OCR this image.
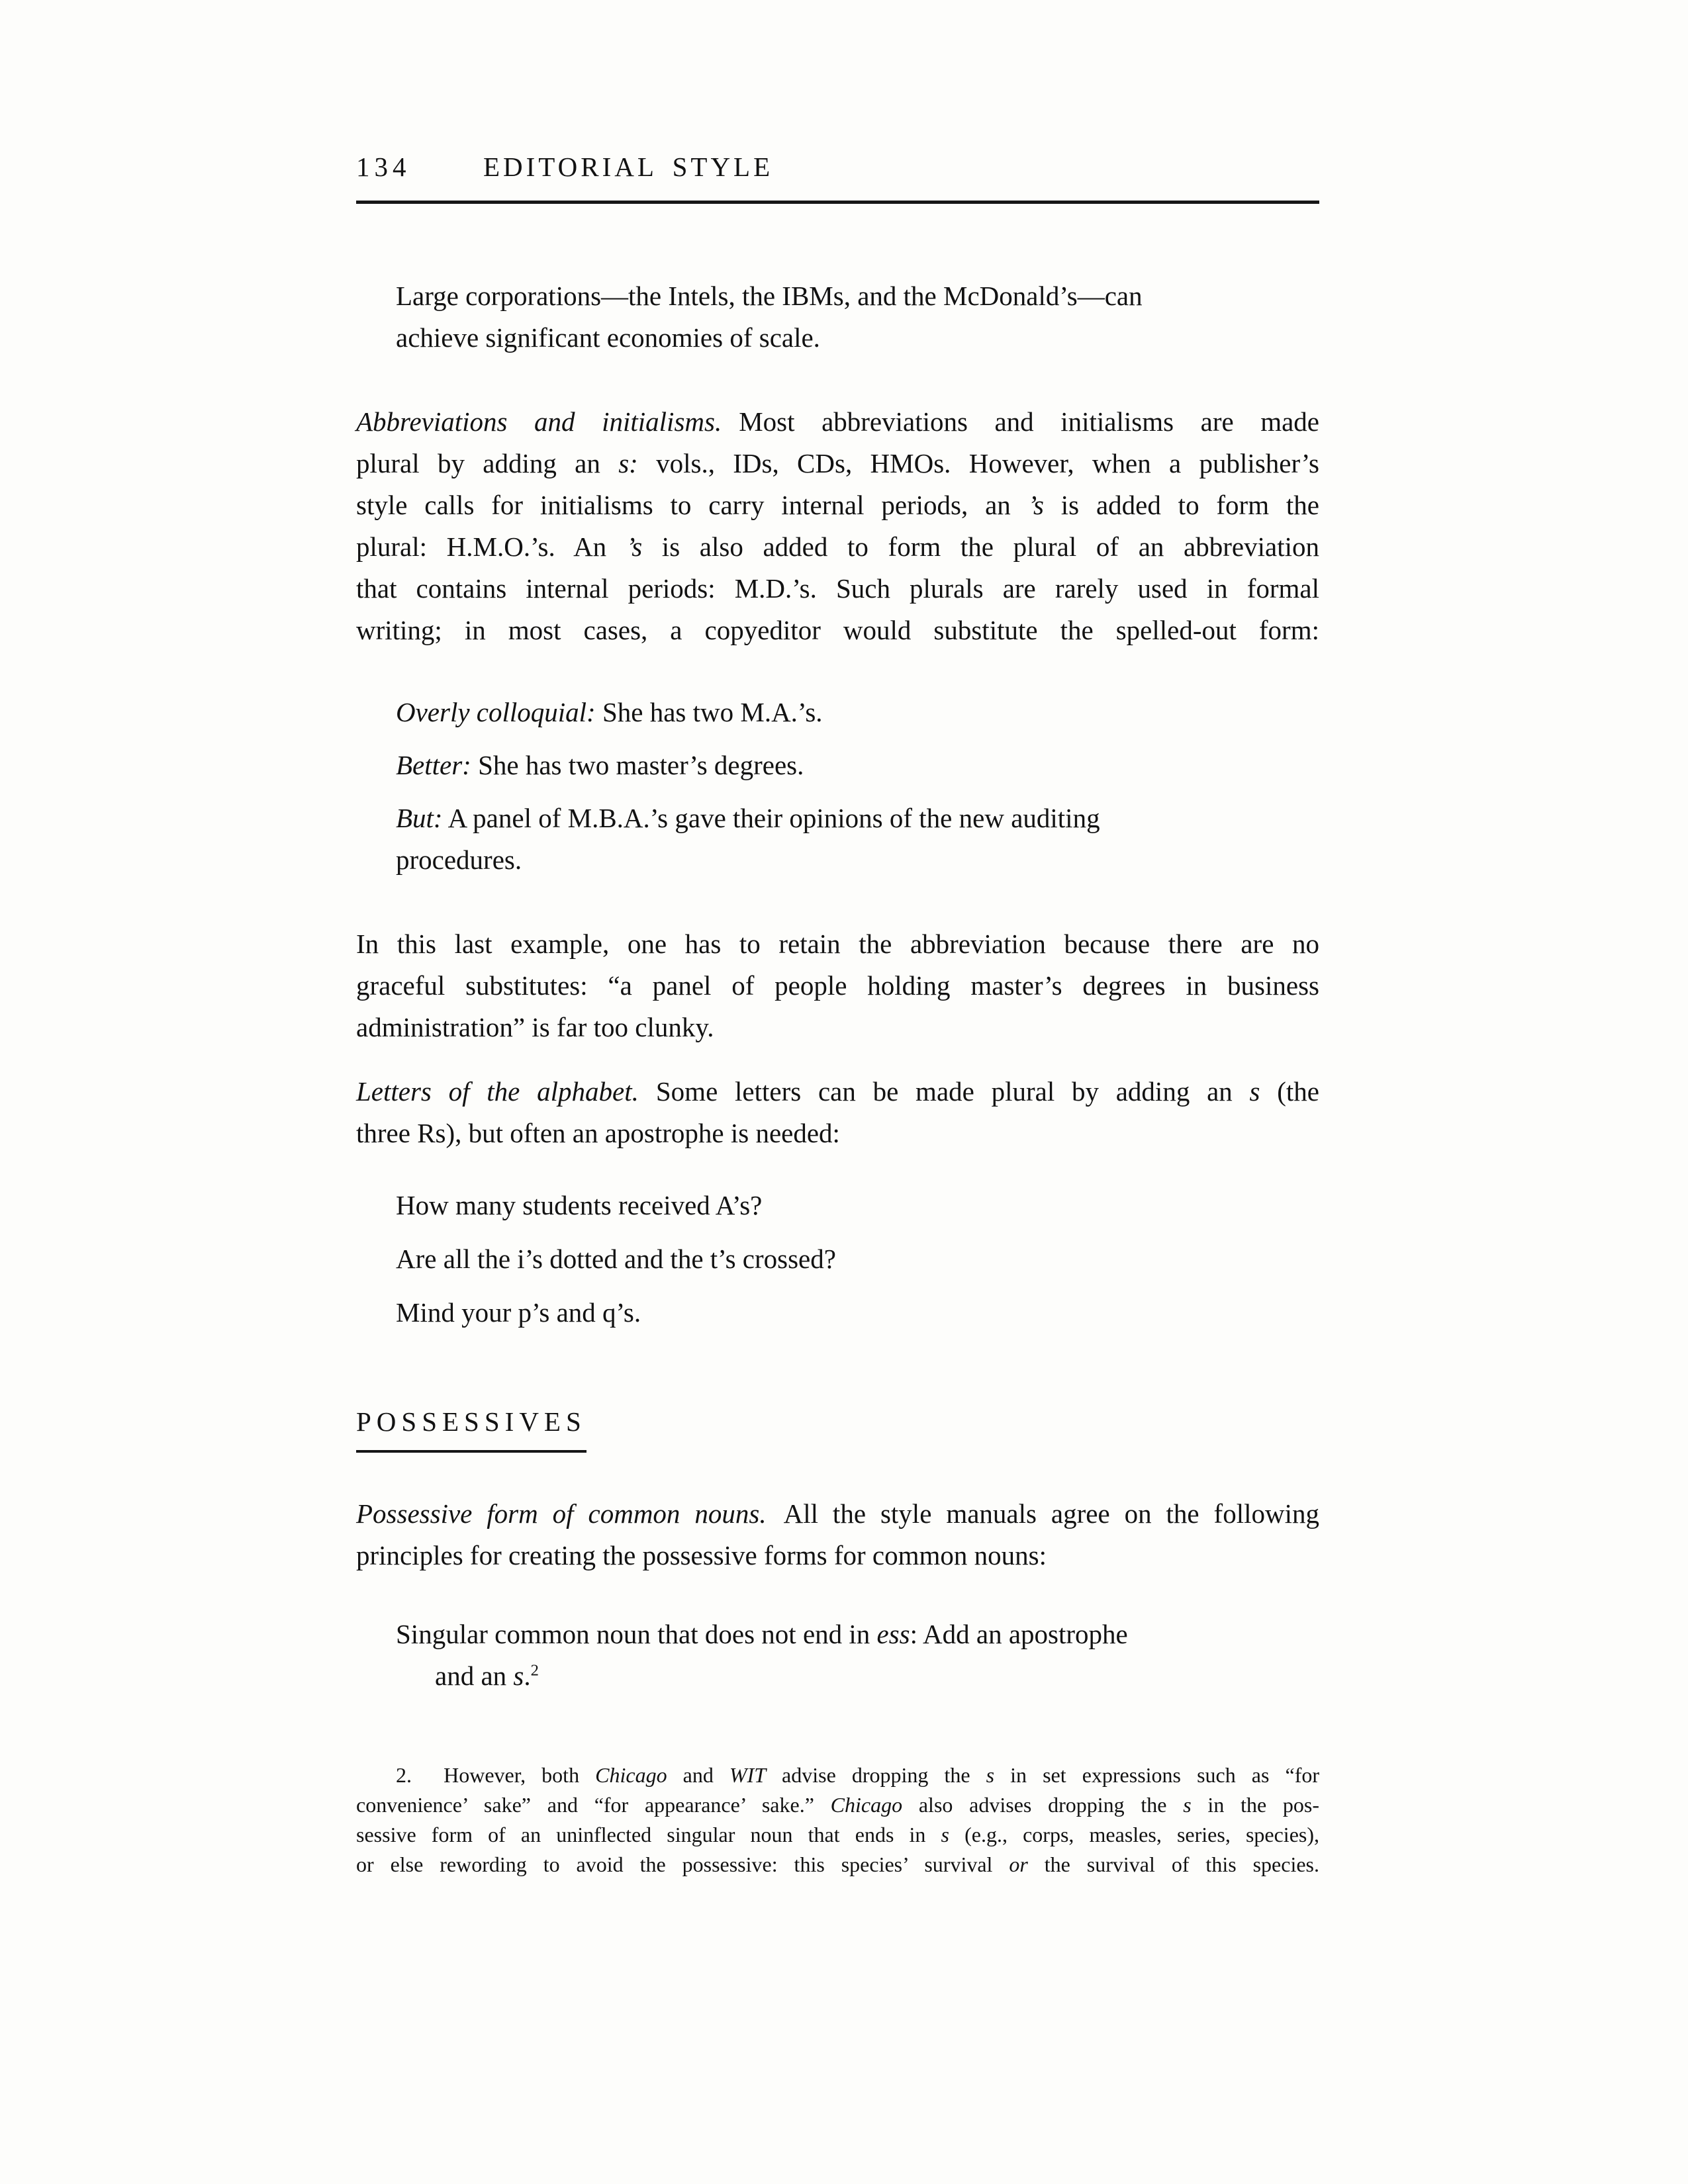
134	EDITORIAL STYLE
Large corporations—the Intels, the IBMs, and the McDonald’s—can
achieve significant economies of scale.
Abbreviations and initialisms. Most abbreviations and initialisms are made
plural by adding an s: vols., IDs, CDs, HMOs. However, when a publisher’s
style calls for initialisms to carry internal periods, an ’s is added to form the
plural: H.M.O.’s. An ’s is also added to form the plural of an abbreviation
that contains internal periods: M.D.’s. Such plurals are rarely used in formal
writing; in most cases, a copyeditor would substitute the spelled-out form:
Overly colloquial: She has two M.A.’s.
Better: She has two master’s degrees.
But: A panel of M.B.A.’s gave their opinions of the new auditing
procedures.
In this last example, one has to retain the abbreviation because there are no
graceful substitutes: “a panel of people holding master’s degrees in business
administration” is far too clunky.
Letters of the alphabet. Some letters can be made plural by adding an s (the
three Rs), but often an apostrophe is needed:
How many students received A’s?
Are all the i’s dotted and the t’s crossed?
Mind your p’s and q’s.
POSSESSIVES
Possessive form of common nouns. All the style manuals agree on the following
principles for creating the possessive forms for common nouns:
Singular common noun that does not end in ess: Add an apostrophe
and an s.$^2$
2.  However, both Chicago and WIT advise dropping the s in set expressions such as “for
convenience’ sake” and “for appearance’ sake.” Chicago also advises dropping the s in the pos-
sessive form of an uninflected singular noun that ends in s (e.g., corps, measles, series, species),
or else rewording to avoid the possessive: this species’ survival or the survival of this species.
